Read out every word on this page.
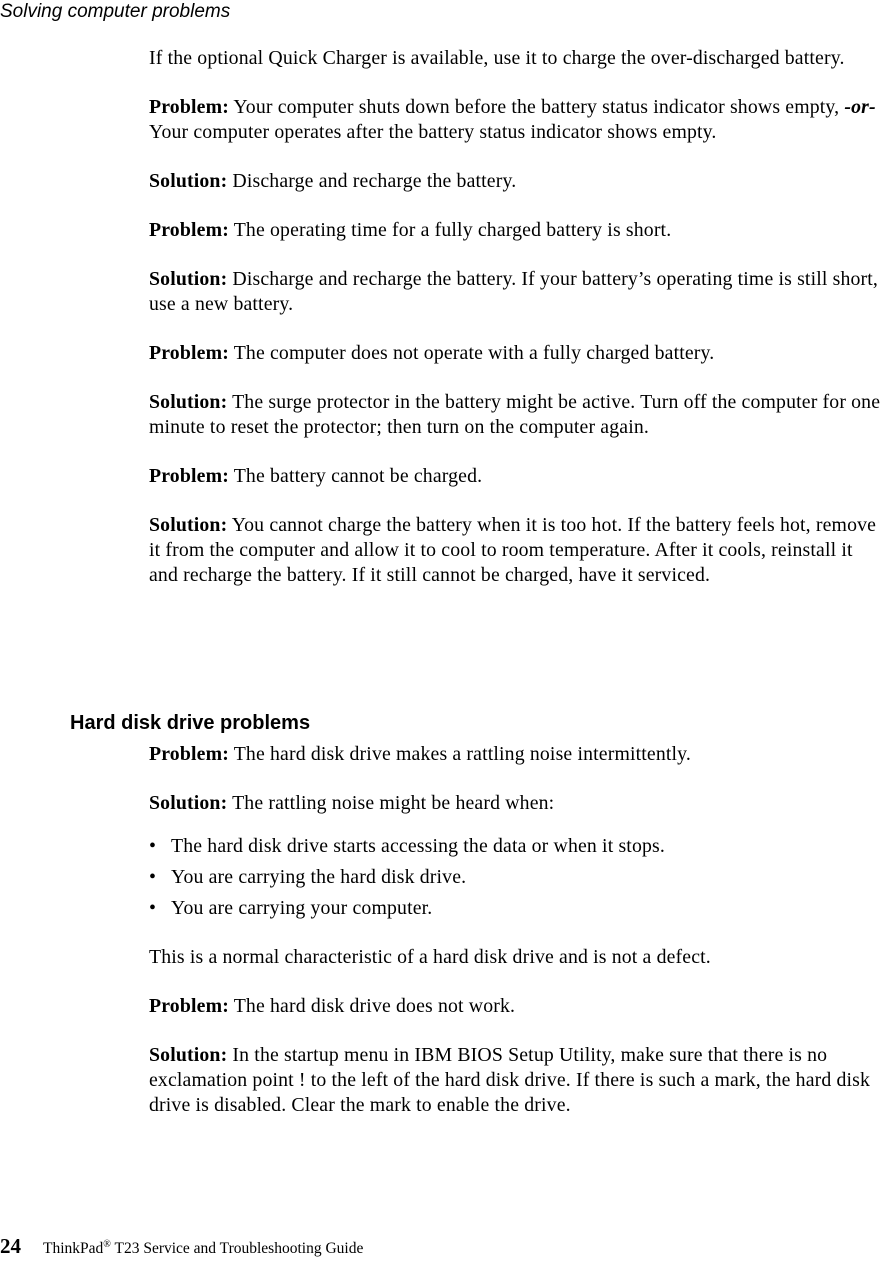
Solving computer problems

If the optional Quick Charger is available, use it to charge the over-discharged battery.

Problem: Your computer shuts down before the battery status indicator shows empty, -or- Your computer operates after the battery status indicator shows empty.

Solution: Discharge and recharge the battery.

Problem: The operating time for a fully charged battery is short.

Solution: Discharge and recharge the battery. If your battery’s operating time is still short, use a new battery.

Problem: The computer does not operate with a fully charged battery.

Solution: The surge protector in the battery might be active. Turn off the computer for one minute to reset the protector; then turn on the computer again.

Problem: The battery cannot be charged.

Solution: You cannot charge the battery when it is too hot. If the battery feels hot, remove it from the computer and allow it to cool to room temperature. After it cools, reinstall it and recharge the battery. If it still cannot be charged, have it serviced.

Hard disk drive problems

Problem: The hard disk drive makes a rattling noise intermittently.

Solution: The rattling noise might be heard when:

• The hard disk drive starts accessing the data or when it stops.
• You are carrying the hard disk drive.
• You are carrying your computer.

This is a normal characteristic of a hard disk drive and is not a defect.

Problem: The hard disk drive does not work.

Solution: In the startup menu in IBM BIOS Setup Utility, make sure that there is no exclamation point ! to the left of the hard disk drive. If there is such a mark, the hard disk drive is disabled. Clear the mark to enable the drive.

24 ThinkPad® T23 Service and Troubleshooting Guide
